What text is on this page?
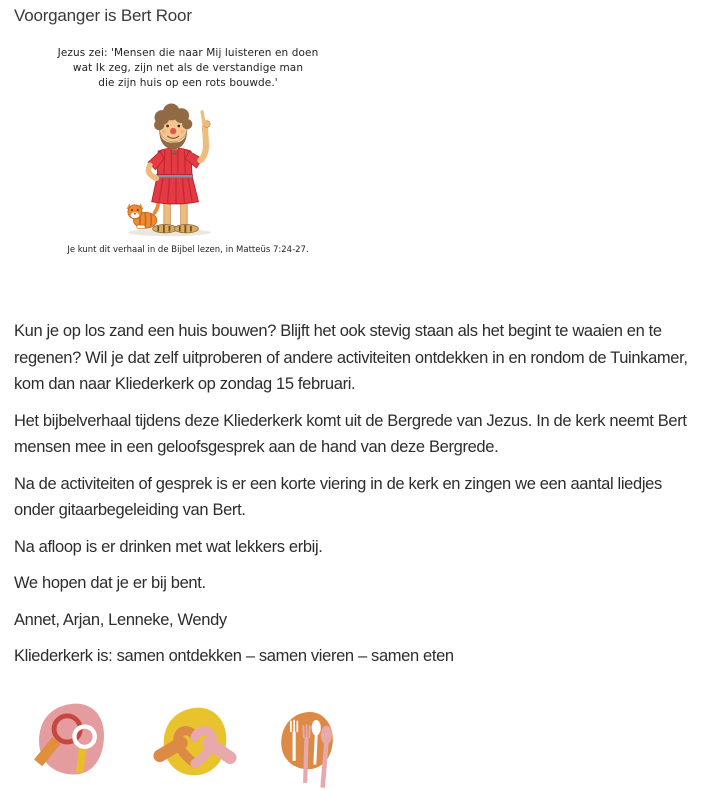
Voorganger is Bert Roor
Jezus zei: 'Mensen die naar Mij luisteren en doen
wat Ik zeg, zijn net als de verstandige man
die zijn huis op een rots bouwde.'
Je kunt dit verhaal in de Bijbel lezen, in Matteüs 7:24-27.

Kun je op los zand een huis bouwen? Blijft het ook stevig staan als het begint te waaien en te regenen? Wil je dat zelf uitproberen of andere activiteiten ontdekken in en rondom de Tuinkamer, kom dan naar Kliederkerk op zondag 15 februari.

Het bijbelverhaal tijdens deze Kliederkerk komt uit de Bergrede van Jezus. In de kerk neemt Bert mensen mee in een geloofsgesprek aan de hand van deze Bergrede.

Na de activiteiten of gesprek is er een korte viering in de kerk en zingen we een aantal liedjes onder gitaarbegeleiding van Bert.

Na afloop is er drinken met wat lekkers erbij.

We hopen dat je er bij bent.

Annet, Arjan, Lenneke, Wendy

Kliederkerk is: samen ontdekken – samen vieren – samen eten
